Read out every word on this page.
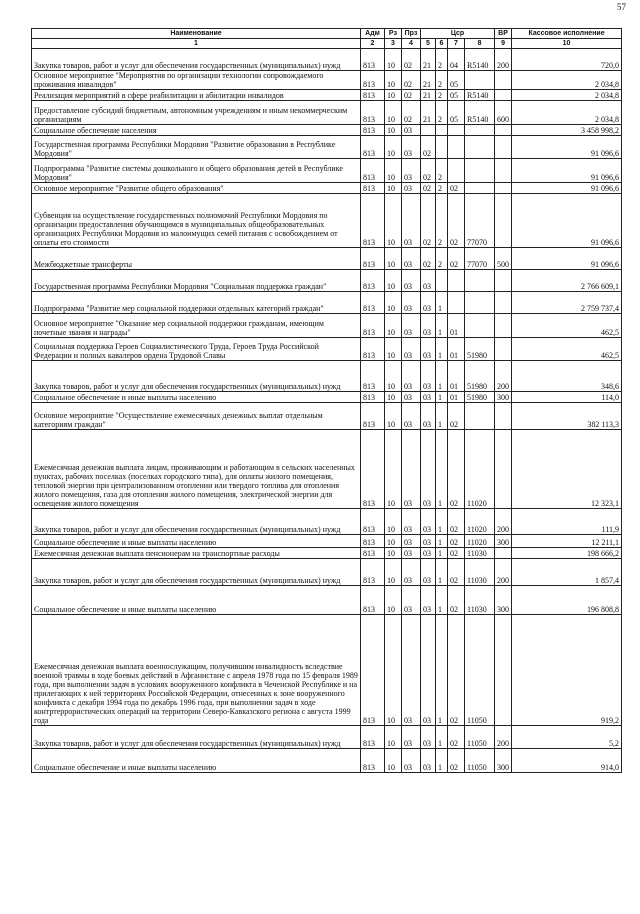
57
Наименование	Адм	Рз	Прз	Цср				ВР	Кассовое исполнение
1	2	3	4	5	6	7	8	9	10
Закупка товаров, работ и услуг для обеспечения государственных (муниципальных) нужд	813	10	02	21	2	04	R5140	200	720,0
Основное мероприятие "Мероприятия по организации технологии сопровождаемого проживания инвалидов"	813	10	02	21	2	05			2 034,8
Реализация мероприятий в сфере реабилитации и абилитации инвалидов	813	10	02	21	2	05	R5140		2 034,8
Предоставление субсидий бюджетным, автономным учреждениям и иным некоммерческим организациям	813	10	02	21	2	05	R5140	600	2 034,8
Социальное обеспечение населения	813	10	03						3 458 998,2
Государственная программа Республики Мордовия "Развитие образования в Республике Мордовия"	813	10	03	02					91 096,6
Подпрограмма "Развитие системы дошкольного и общего образования детей в Республике Мордовия"	813	10	03	02	2				91 096,6
Основное мероприятие "Развитие общего образования"	813	10	03	02	2	02			91 096,6
Субвенция на осуществление государственных полномочий Республики Мордовия по организации предоставления обучающимся в муниципальных общеобразовательных организациях Республики Мордовия из малоимущих семей питания с освобождением от оплаты его стоимости	813	10	03	02	2	02	77070		91 096,6
Межбюджетные трансферты	813	10	03	02	2	02	77070	500	91 096,6
Государственная программа Республики Мордовия "Социальная поддержка граждан"	813	10	03	03					2 766 609,1
Подпрограмма "Развитие мер социальной поддержки отдельных категорий граждан"	813	10	03	03	1				2 759 737,4
Основное мероприятие "Оказание мер социальной поддержки гражданам, имеющим почетные звания и награды"	813	10	03	03	1	01			462,5
Социальная поддержка Героев Социалистического Труда, Героев Труда Российской Федерации и полных кавалеров ордена Трудовой Славы	813	10	03	03	1	01	51980		462,5
Закупка товаров, работ и услуг для обеспечения государственных (муниципальных) нужд	813	10	03	03	1	01	51980	200	348,6
Социальное обеспечение и иные выплаты населению	813	10	03	03	1	01	51980	300	114,0
Основное мероприятие "Осуществление ежемесячных денежных выплат отдельным категориям граждан"	813	10	03	03	1	02			382 113,3
Ежемесячная денежная выплата лицам, проживающим и работающим в сельских населенных пунктах, рабочих поселках (поселках городского типа), для оплаты жилого помещения, тепловой энергии при централизованном отоплении или твердого топлива для отопления жилого помещения, газа для отопления жилого помещения, электрической энергии для освещения жилого помещения	813	10	03	03	1	02	11020		12 323,1
Закупка товаров, работ и услуг для обеспечения государственных (муниципальных) нужд	813	10	03	03	1	02	11020	200	111,9
Социальное обеспечение и иные выплаты населению	813	10	03	03	1	02	11020	300	12 211,1
Ежемесячная денежная выплата пенсионерам на транспортные расходы	813	10	03	03	1	02	11030		198 666,2
Закупка товаров, работ и услуг для обеспечения государственных (муниципальных) нужд	813	10	03	03	1	02	11030	200	1 857,4
Социальное обеспечение и иные выплаты населению	813	10	03	03	1	02	11030	300	196 808,8
Ежемесячная денежная выплата военнослужащим, получившим инвалидность вследствие военной травмы в ходе боевых действий в Афганистане с апреля 1978 года по 15 февраля 1989 года, при выполнении задач в условиях вооруженного конфликта в Чеченской Республике и на прилегающих к ней территориях Российской Федерации, отнесенных к зоне вооруженного конфликта с декабря 1994 года по декабрь 1996 года, при выполнении задач в ходе контртеррористических операций на территории Северо-Кавказского региона с августа 1999 года	813	10	03	03	1	02	11050		919,2
Закупка товаров, работ и услуг для обеспечения государственных (муниципальных) нужд	813	10	03	03	1	02	11050	200	5,2
Социальное обеспечение и иные выплаты населению	813	10	03	03	1	02	11050	300	914,0
